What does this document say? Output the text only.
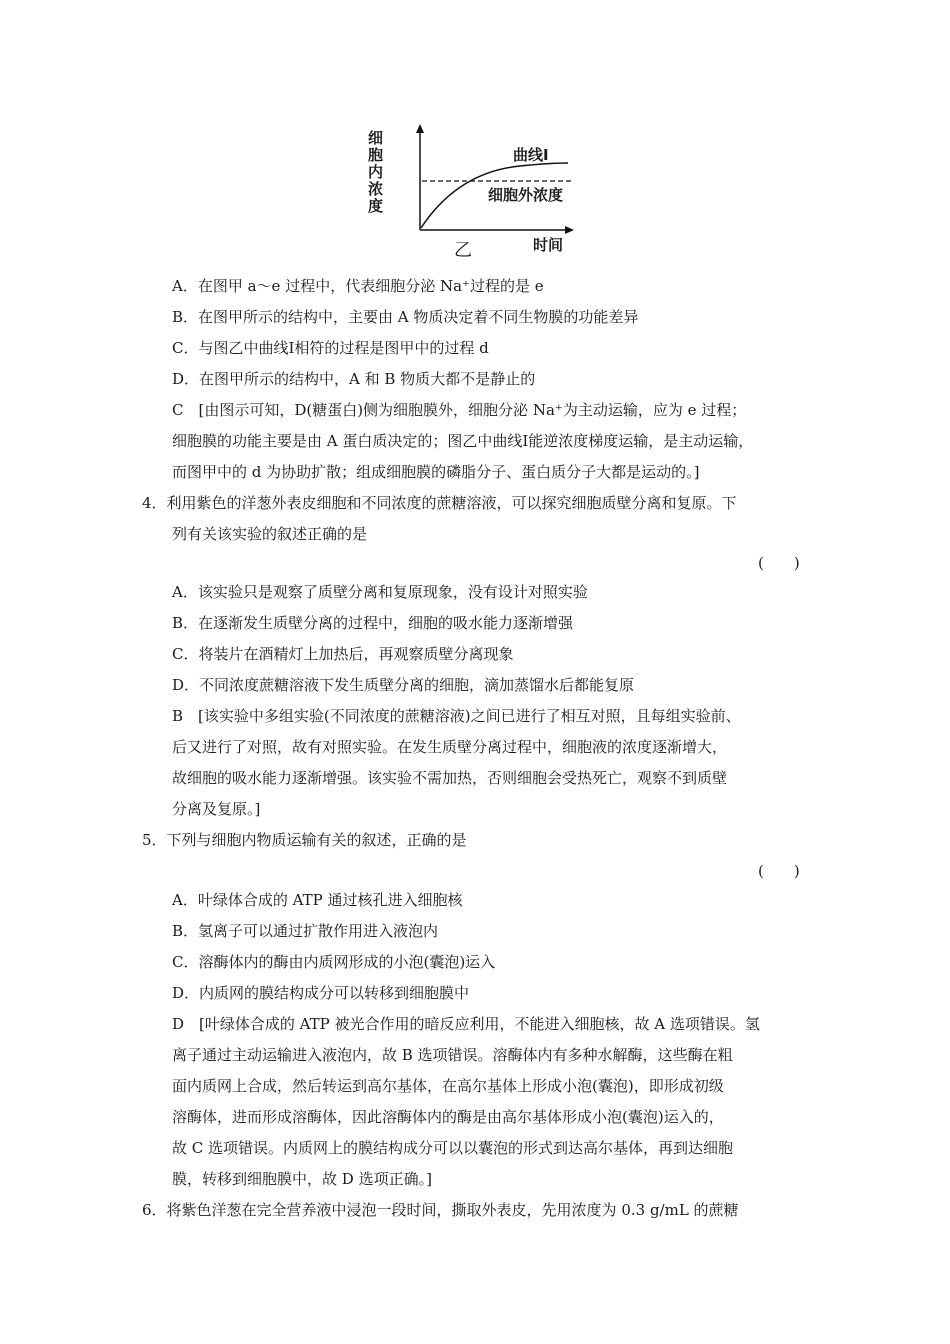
细胞内浓度
曲线Ⅰ
细胞外浓度
乙	时间
A．在图甲 a～e 过程中，代表细胞分泌 Na⁺过程的是 e
B．在图甲所示的结构中，主要由 A 物质决定着不同生物膜的功能差异
C．与图乙中曲线Ⅰ相符的过程是图甲中的过程 d
D．在图甲所示的结构中，A 和 B 物质大都不是静止的
C　[由图示可知，D(糖蛋白)侧为细胞膜外，细胞分泌 Na⁺为主动运输，应为 e 过程；
细胞膜的功能主要是由 A 蛋白质决定的；图乙中曲线Ⅰ能逆浓度梯度运输，是主动运输，
而图甲中的 d 为协助扩散；组成细胞膜的磷脂分子、蛋白质分子大都是运动的。]
4．利用紫色的洋葱外表皮细胞和不同浓度的蔗糖溶液，可以探究细胞质壁分离和复原。下
列有关该实验的叙述正确的是
(　　)
A．该实验只是观察了质壁分离和复原现象，没有设计对照实验
B．在逐渐发生质壁分离的过程中，细胞的吸水能力逐渐增强
C．将装片在酒精灯上加热后，再观察质壁分离现象
D．不同浓度蔗糖溶液下发生质壁分离的细胞，滴加蒸馏水后都能复原
B　[该实验中多组实验(不同浓度的蔗糖溶液)之间已进行了相互对照，且每组实验前、
后又进行了对照，故有对照实验。在发生质壁分离过程中，细胞液的浓度逐渐增大，
故细胞的吸水能力逐渐增强。该实验不需加热，否则细胞会受热死亡，观察不到质壁
分离及复原。]
5．下列与细胞内物质运输有关的叙述，正确的是
(　　)
A．叶绿体合成的 ATP 通过核孔进入细胞核
B．氢离子可以通过扩散作用进入液泡内
C．溶酶体内的酶由内质网形成的小泡(囊泡)运入
D．内质网的膜结构成分可以转移到细胞膜中
D　[叶绿体合成的 ATP 被光合作用的暗反应利用，不能进入细胞核，故 A 选项错误。氢
离子通过主动运输进入液泡内，故 B 选项错误。溶酶体内有多种水解酶，这些酶在粗
面内质网上合成，然后转运到高尔基体，在高尔基体上形成小泡(囊泡)，即形成初级
溶酶体，进而形成溶酶体，因此溶酶体内的酶是由高尔基体形成小泡(囊泡)运入的，
故 C 选项错误。内质网上的膜结构成分可以以囊泡的形式到达高尔基体，再到达细胞
膜，转移到细胞膜中，故 D 选项正确。]
6．将紫色洋葱在完全营养液中浸泡一段时间，撕取外表皮，先用浓度为 0.3 g/mL 的蔗糖
